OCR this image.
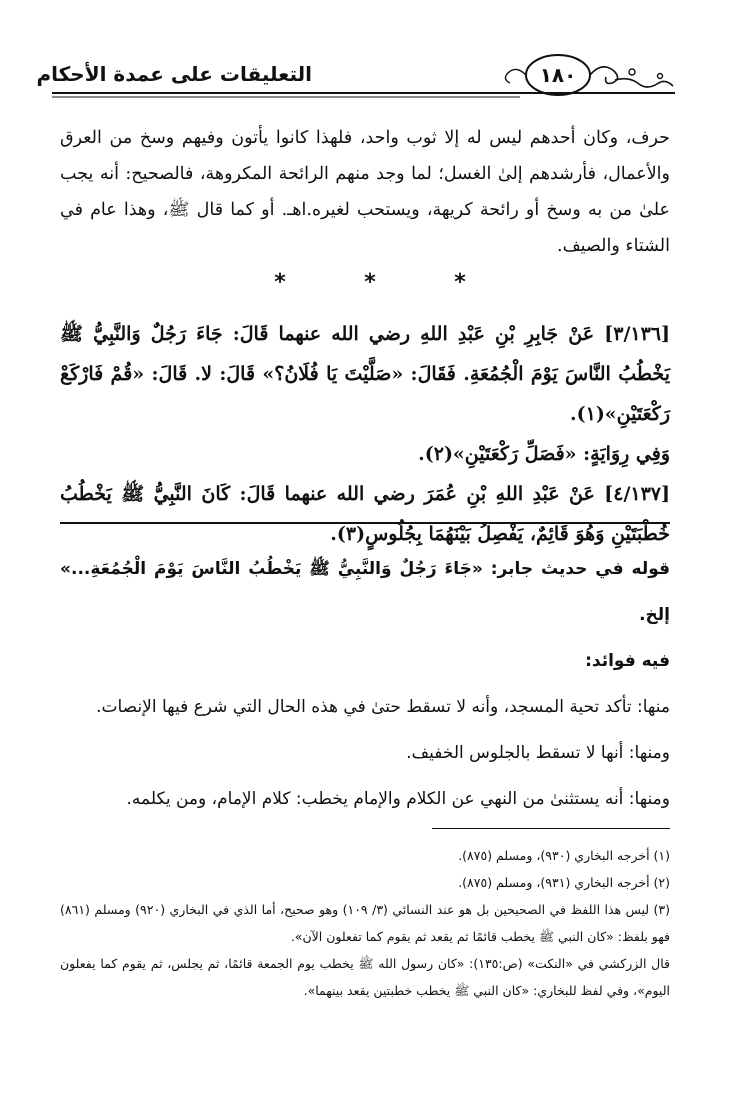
١٨٠
التعليقات على عمدة الأحكام

حرف، وكان أحدهم ليس له إلا ثوب واحد، فلهذا كانوا يأتون وفيهم وسخ من العرق والأعمال، فأرشدهم إلىٰ الغسل؛ لما وجد منهم الرائحة المكروهة، فالصحيح: أنه يجب علىٰ من به وسخ أو رائحة كريهة، ويستحب لغيره.اهـ. أو كما قال ﷺ، وهذا عام في الشتاء والصيف.

*	*	*

[٣/١٣٦] عَنْ جَابِرِ بْنِ عَبْدِ اللهِ رضي الله عنهما قَالَ: جَاءَ رَجُلٌ وَالنَّبِيُّ ﷺ يَخْطُبُ النَّاسَ يَوْمَ الْجُمُعَةِ. فَقَالَ: «صَلَّيْتَ يَا فُلَانُ؟» قَالَ: لا. قَالَ: «قُمْ فَارْكَعْ رَكْعَتَيْنِ»(١).

وَفِي رِوَايَةٍ: «فَصَلِّ رَكْعَتَيْنِ»(٢).

[٤/١٣٧] عَنْ عَبْدِ اللهِ بْنِ عُمَرَ رضي الله عنهما قَالَ: كَانَ النَّبِيُّ ﷺ يَخْطُبُ خُطْبَتَيْنِ وَهُوَ قَائِمٌ، يَفْصِلُ بَيْنَهُمَا بِجُلُوسٍ(٣).

قوله في حديث جابر: «جَاءَ رَجُلٌ وَالنَّبِيُّ ﷺ يَخْطُبُ النَّاسَ يَوْمَ الْجُمُعَةِ...» إلخ.

فيه فوائد:

منها: تأكد تحية المسجد، وأنه لا تسقط حتىٰ في هذه الحال التي شرع فيها الإنصات.

ومنها: أنها لا تسقط بالجلوس الخفيف.

ومنها: أنه يستثنىٰ من النهي عن الكلام والإمام يخطب: كلام الإمام، ومن يكلمه.

(١) أخرجه البخاري (٩٣٠)، ومسلم (٨٧٥).

(٢) أخرجه البخاري (٩٣١)، ومسلم (٨٧٥).

(٣) ليس هذا اللفظ في الصحيحين بل هو عند النسائي (٣/ ١٠٩) وهو صحيح، أما الذي في البخاري (٩٢٠) ومسلم (٨٦١) فهو بلفظ: «كان النبي ﷺ يخطب قائمًا ثم يقعد ثم يقوم كما تفعلون الآن».

قال الزركشي في «النكت» (ص:١٣٥): «كان رسول الله ﷺ يخطب يوم الجمعة قائمًا، ثم يجلس، ثم يقوم كما يفعلون اليوم»، وفي لفظ للبخاري: «كان النبي ﷺ يخطب خطبتين يقعد بينهما».
